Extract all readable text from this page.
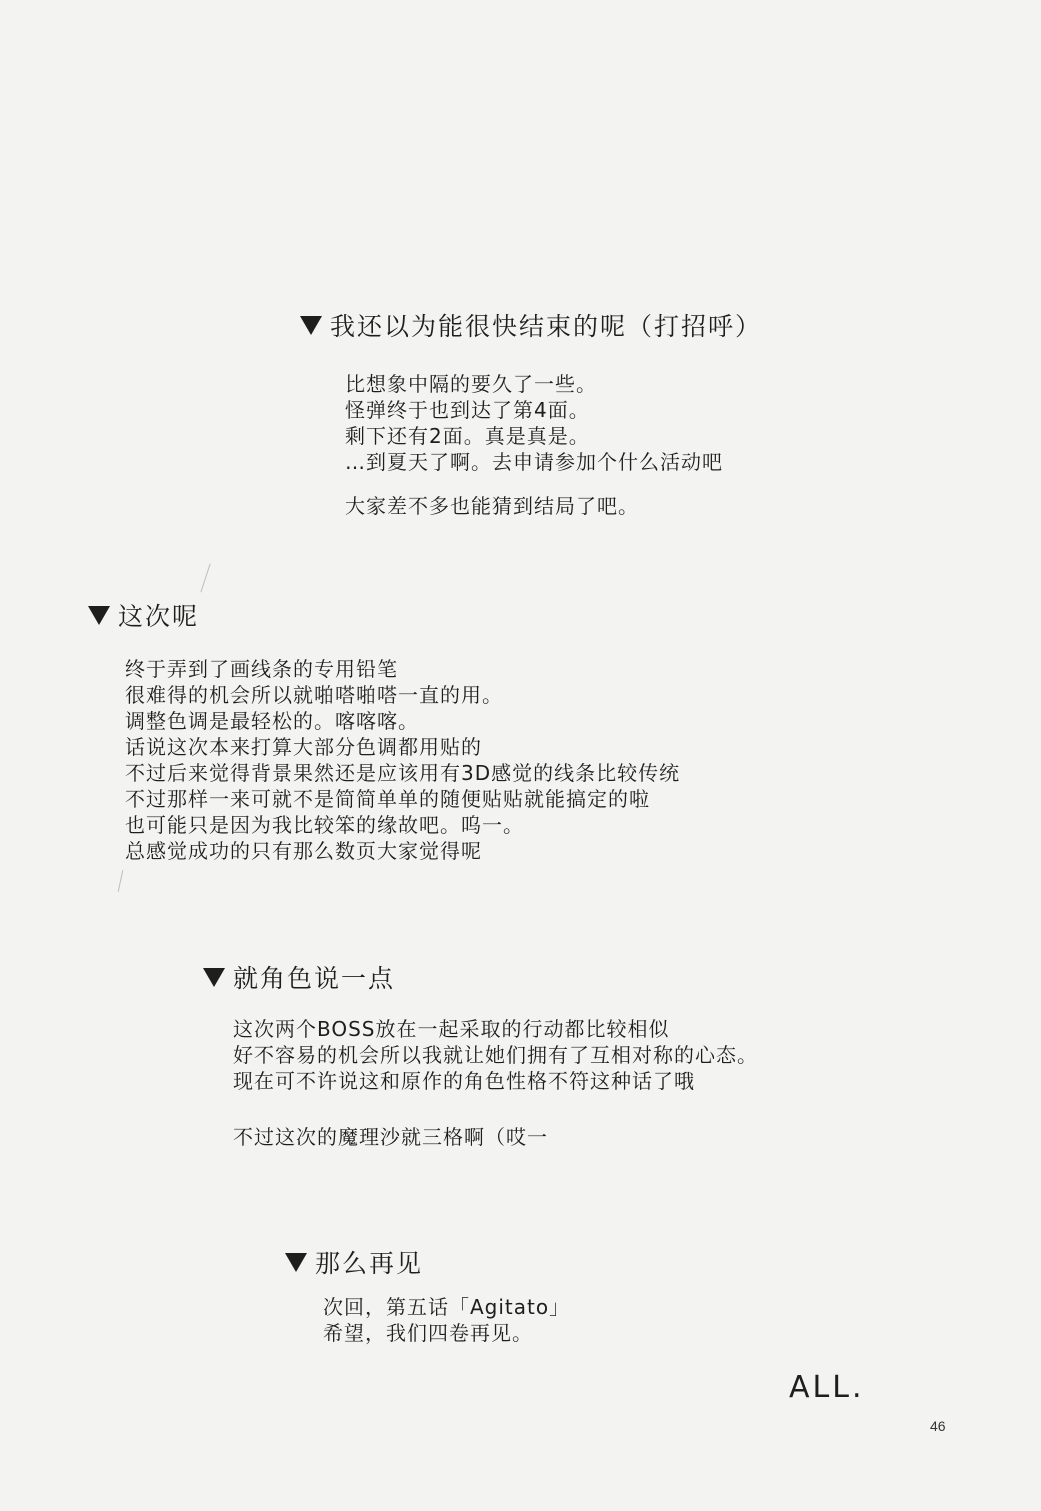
我还以为能很快结束的呢（打招呼）
比想象中隔的要久了一些。
怪弹终于也到达了第4面。
剩下还有2面。真是真是。
…到夏天了啊。去申请参加个什么活动吧
大家差不多也能猜到结局了吧。
这次呢
终于弄到了画线条的专用铅笔
很难得的机会所以就啪嗒啪嗒一直的用。
调整色调是最轻松的。喀喀喀。
话说这次本来打算大部分色调都用贴的
不过后来觉得背景果然还是应该用有3D感觉的线条比较传统
不过那样一来可就不是简简单单的随便贴贴就能搞定的啦
也可能只是因为我比较笨的缘故吧。呜一。
总感觉成功的只有那么数页大家觉得呢
就角色说一点
这次两个BOSS放在一起采取的行动都比较相似
好不容易的机会所以我就让她们拥有了互相对称的心态。
现在可不许说这和原作的角色性格不符这种话了哦
不过这次的魔理沙就三格啊（哎一
那么再见
次回，第五话「Agitato」
希望，我们四卷再见。
ALL.
46
